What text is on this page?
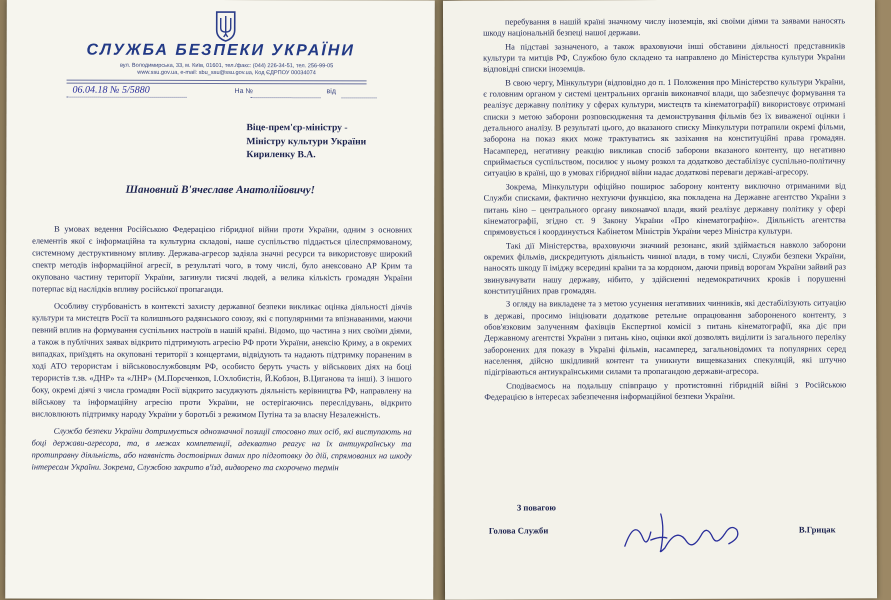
СЛУЖБА БЕЗПЕКИ УКРАЇНИ
вул. Володимирська, 33, м. Київ, 01601, тел./факс: (044) 226-34-51, тел. 256-99-05
www.ssu.gov.ua, e-mail: sbu_ssu@ssu.gov.ua, Код ЄДРПОУ 00034074
06.04.18 № 5/5880	На №	від
Віце-прем'єр-міністру -
Міністру культури України
Кириленку В.А.
Шановний В'ячеславе Анатолійовичу!

В умовах ведення Російською Федерацією гібридної війни проти України, одним з основних елементів якої є інформаційна та культурна складові, наше суспільство піддається цілеспрямованому, системному деструктивному впливу. Держава-агресор задіяла значні ресурси та використовує широкий спектр методів інформаційної агресії, в результаті чого, в тому числі, було анексовано АР Крим та окуповано частину території України, загинули тисячі людей, а велика кількість громадян України потерпає від наслідків впливу російської пропаганди.

Особливу стурбованість в контексті захисту державної безпеки викликає оцінка діяльності діячів культури та мистецтв Росії та колишнього радянського союзу, які є популярними та впізнаваними, маючи певний вплив на формування суспільних настроїв в нашій країні. Відомо, що частина з них своїми діями, а також в публічних заявах відкрито підтримують агресію РФ проти України, анексію Криму, а в окремих випадках, приїздять на окуповані території з концертами, відвідують та надають підтримку пораненим в ході АТО терористам і військовослужбовцям РФ, особисто беруть участь у військових діях на боці терористів т.зв. «ДНР» та «ЛНР» (М.Порєченков, І.Охлобистін, Й.Кобзон, В.Циганова та інші). З іншого боку, окремі діячі з числа громадян Росії відкрито засуджують діяльність керівництва РФ, направлену на військову та інформаційну агресію проти України, не остерігаючись переслідувань, відкрито висловлюють підтримку народу України у боротьбі з режимом Путіна та за власну Незалежність.

Служба безпеки України дотримується однозначної позиції стосовно тих осіб, які виступають на боці держави-агресора, та, в межах компетенції, адекватно реагує на їх антиукраїнську та протиправну діяльність, або наявність достовірних даних про підготовку до дій, спрямованих на шкоду інтересам України. Зокрема, Службою закрито в'їзд, видворено та скорочено термін

перебування в нашій країні значному числу іноземців, які своїми діями та заявами наносять шкоду національній безпеці нашої держави.

На підставі зазначеного, а також враховуючи інші обставини діяльності представників культури та митців РФ, Службою було складено та направлено до Міністерства культури України відповідні списки іноземців.

В свою чергу, Мінкультури (відповідно до п. 1 Положення про Міністерство культури України, є головним органом у системі центральних органів виконавчої влади, що забезпечує формування та реалізує державну політику у сферах культури, мистецтв та кінематографії) використовує отримані списки з метою заборони розповсюдження та демонстрування фільмів без їх виваженої оцінки і детального аналізу. В результаті цього, до вказаного списку Мінкультури потрапили окремі фільми, заборона на показ яких може трактуватись як зазіхання на конституційні права громадян. Насамперед, негативну реакцію викликав спосіб заборони вказаного контенту, що негативно сприймається суспільством, посилює у ньому розкол та додатково дестабілізує суспільно-політичну ситуацію в країні, що в умовах гібридної війни надає додаткові переваги державі-агресору.

Зокрема, Мінкультури офіційно поширює заборону контенту виключно отриманими від Служби списками, фактично нехтуючи функцією, яка покладена на Державне агентство України з питань кіно – центрального органу виконавчої влади, який реалізує державну політику у сфері кінематографії, згідно ст. 9 Закону України «Про кінематографію». Діяльність агентства спрямовується і координується Кабінетом Міністрів України через Міністра культури.

Такі дії Міністерства, враховуючи значний резонанс, який здіймається навколо заборони окремих фільмів, дискредитують діяльність чинної влади, в тому числі, Служби безпеки України, наносять шкоду її іміджу всередині країни та за кордоном, даючи привід ворогам України зайвий раз звинувачувати нашу державу, нібито, у здійсненні недемократичних кроків і порушенні конституційних прав громадян.

З огляду на викладене та з метою усунення негативних чинників, які дестабілізують ситуацію в державі, просимо ініціювати додаткове ретельне опрацювання забороненого контенту, з обов'язковим залученням фахівців Експертної комісії з питань кінематографії, яка діє при Державному агентстві України з питань кіно, оцінки якої дозволять виділити із загального переліку заборонених для показу в Україні фільмів, насамперед, загальновідомих та популярних серед населення, дійсно шкідливий контент та уникнути вищевказаних спекуляцій, які штучно підігріваються антиукраїнськими силами та пропагандою держави-агресора.

Сподіваємось на подальшу співпрацю у протистоянні гібридній війні з Російською Федерацією в інтересах забезпечення інформаційної безпеки України.

З повагою
Голова Служби	В.Грицак
